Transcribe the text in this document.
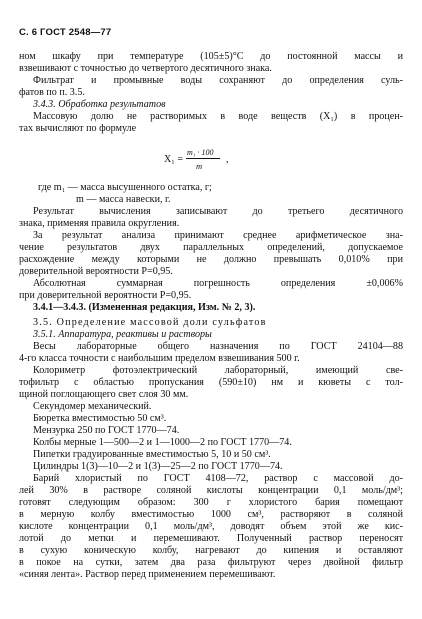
С. 6 ГОСТ 2548—77
ном шкафу при температуре (105±5)°С до постоянной массы и
взвешивают с точностью до четвертого десятичного знака.
Фильтрат и промывные воды сохраняют до определения суль-
фатов по п. 3.5.
3.4.3. Обработка результатов
Массовую долю не растворимых в воде веществ (X₁) в процен-
тах вычисляют по формуле
X₁ =
m₁ · 100
m
,
где m₁ — масса высушенного остатка, г;
m — масса навески, г.
Результат вычисления записывают до третьего десятичного
знака, применяя правила округления.
За результат анализа принимают среднее арифметическое зна-
чение результатов двух параллельных определений, допускаемое
расхождение между которыми не должно превышать 0,010% при
доверительной вероятности P=0,95.
Абсолютная суммарная погрешность определения ±0,006%
при доверительной вероятности P=0,95.
3.4.1—3.4.3. (Измененная редакция, Изм. № 2, 3).
3.5. Определение массовой доли сульфатов
3.5.1. Аппаратура, реактивы и растворы
Весы лабораторные общего назначения по ГОСТ 24104—88
4-го класса точности с наибольшим пределом взвешивания 500 г.
Колориметр фотоэлектрический лабораторный, имеющий све-
тофильтр с областью пропускания (590±10) нм и кюветы с тол-
щиной поглощающего свет слоя 30 мм.
Секундомер механический.
Бюретка вместимостью 50 см³.
Мензурка 250 по ГОСТ 1770—74.
Колбы мерные 1—500—2 и 1—1000—2 по ГОСТ 1770—74.
Пипетки градуированные вместимостью 5, 10 и 50 см³.
Цилиндры 1(3)—10—2 и 1(3)—25—2 по ГОСТ 1770—74.
Барий хлористый по ГОСТ 4108—72, раствор с массовой до-
лей 30% в растворе соляной кислоты концентрации 0,1 моль/дм³;
готовят следующим образом: 300 г хлористого бария помещают
в мерную колбу вместимостью 1000 см³, растворяют в соляной
кислоте концентрации 0,1 моль/дм³, доводят объем этой же кис-
лотой до метки и перемешивают. Полученный раствор переносят
в сухую коническую колбу, нагревают до кипения и оставляют
в покое на сутки, затем два раза фильтруют через двойной фильтр
«синяя лента». Раствор перед применением перемешивают.
